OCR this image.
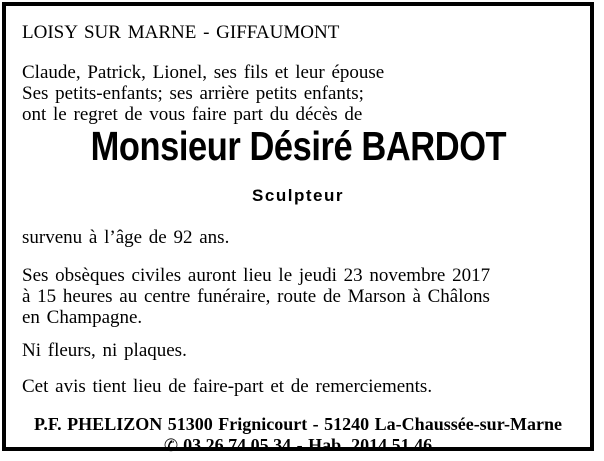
LOISY SUR MARNE - GIFFAUMONT
Claude, Patrick, Lionel, ses fils et leur épouse
Ses petits-enfants; ses arrière petits enfants;
ont le regret de vous faire part du décès de
Monsieur Désiré BARDOT
Sculpteur
survenu à l’âge de 92 ans.
Ses obsèques civiles auront lieu le jeudi 23 novembre 2017
à 15 heures au centre funéraire, route de Marson à Châlons
en Champagne.
Ni fleurs, ni plaques.
Cet avis tient lieu de faire-part et de remerciements.
P.F. PHELIZON 51300 Frignicourt - 51240 La-Chaussée-sur-Marne
✆ 03.26.74.05.34 - Hab. 2014.51.46
